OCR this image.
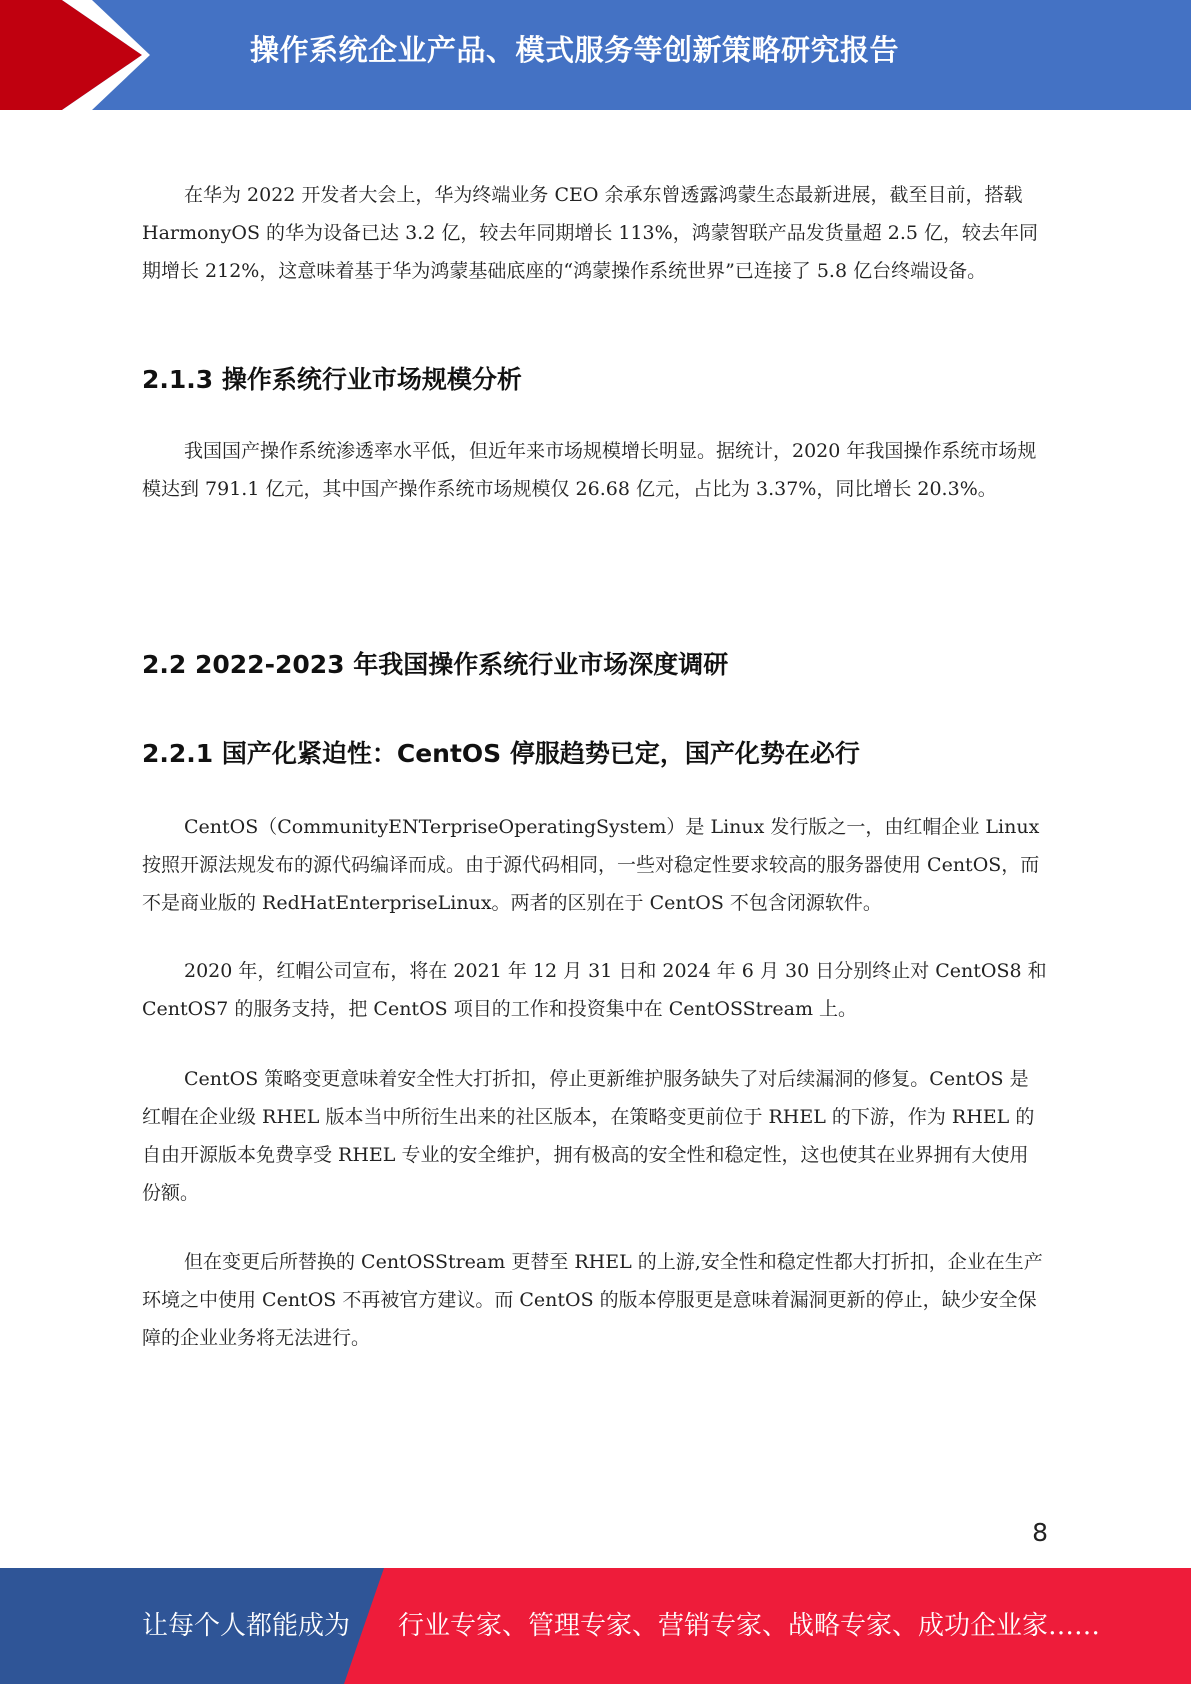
操作系统企业产品、模式服务等创新策略研究报告

在华为 2022 开发者大会上，华为终端业务 CEO 余承东曾透露鸿蒙生态最新进展，截至目前，搭载 HarmonyOS 的华为设备已达 3.2 亿，较去年同期增长 113%，鸿蒙智联产品发货量超 2.5 亿，较去年同期增长 212%，这意味着基于华为鸿蒙基础底座的“鸿蒙操作系统世界”已连接了 5.8 亿台终端设备。

2.1.3 操作系统行业市场规模分析

我国国产操作系统渗透率水平低，但近年来市场规模增长明显。据统计，2020 年我国操作系统市场规模达到 791.1 亿元，其中国产操作系统市场规模仅 26.68 亿元，占比为 3.37%，同比增长 20.3%。

2.2 2022-2023 年我国操作系统行业市场深度调研
2.2.1 国产化紧迫性：CentOS 停服趋势已定，国产化势在必行

CentOS（CommunityENTerpriseOperatingSystem）是 Linux 发行版之一，由红帽企业 Linux 按照开源法规发布的源代码编译而成。由于源代码相同，一些对稳定性要求较高的服务器使用 CentOS，而不是商业版的 RedHatEnterpriseLinux。两者的区别在于 CentOS 不包含闭源软件。

2020 年，红帽公司宣布，将在 2021 年 12 月 31 日和 2024 年 6 月 30 日分别终止对 CentOS8 和 CentOS7 的服务支持，把 CentOS 项目的工作和投资集中在 CentOSStream 上。

CentOS 策略变更意味着安全性大打折扣，停止更新维护服务缺失了对后续漏洞的修复。CentOS 是红帽在企业级 RHEL 版本当中所衍生出来的社区版本，在策略变更前位于 RHEL 的下游，作为 RHEL 的自由开源版本免费享受 RHEL 专业的安全维护，拥有极高的安全性和稳定性，这也使其在业界拥有大使用份额。

但在变更后所替换的 CentOSStream 更替至 RHEL 的上游,安全性和稳定性都大打折扣，企业在生产环境之中使用 CentOS 不再被官方建议。而 CentOS 的版本停服更是意味着漏洞更新的停止，缺少安全保障的企业业务将无法进行。

8
让每个人都能成为 行业专家、管理专家、营销专家、战略专家、成功企业家……
